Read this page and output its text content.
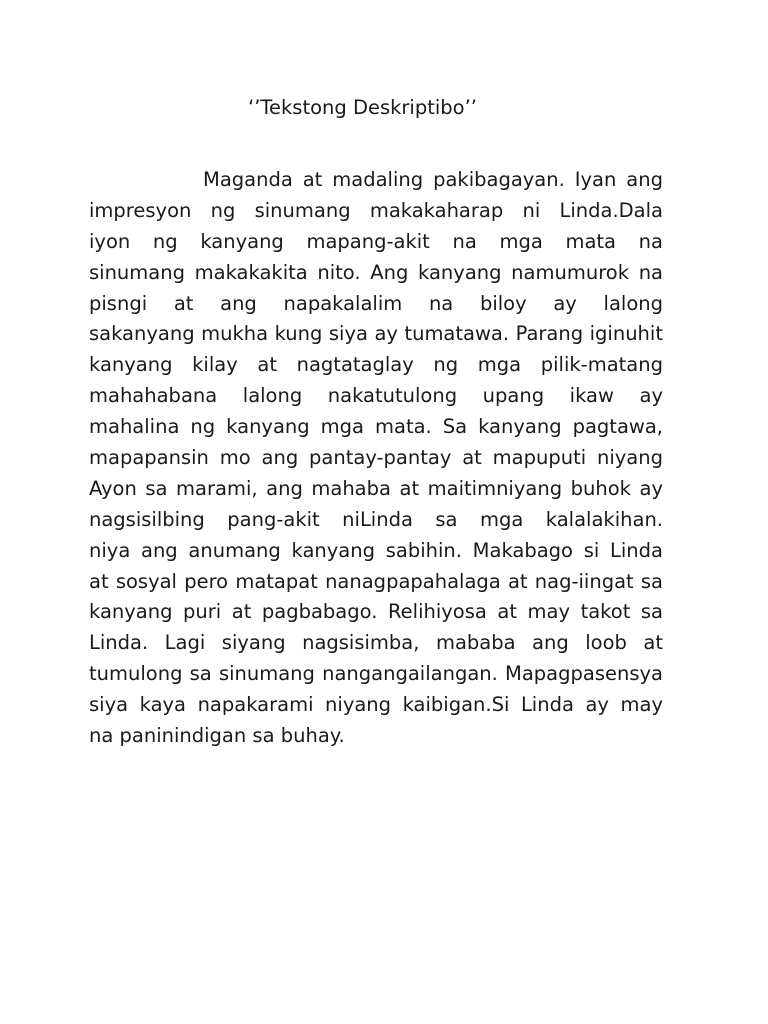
‘’Tekstong Deskriptibo’’
Maganda at madaling pakibagayan. Iyan ang
impresyon ng sinumang makakaharap ni Linda.Dala
iyon ng kanyang mapang-akit na mga mata na
sinumang makakakita nito. Ang kanyang namumurok na
pisngi at ang napakalalim na biloy ay lalong
sakanyang mukha kung siya ay tumatawa. Parang iginuhit
kanyang kilay at nagtataglay ng mga pilik-matang
mahahabana lalong nakatutulong upang ikaw ay
mahalina ng kanyang mga mata. Sa kanyang pagtawa,
mapapansin mo ang pantay-pantay at mapuputi niyang
Ayon sa marami, ang mahaba at maitimniyang buhok ay
nagsisilbing pang-akit niLinda sa mga kalalakihan.
niya ang anumang kanyang sabihin. Makabago si Linda
at sosyal pero matapat nanagpapahalaga at nag-iingat sa
kanyang puri at pagbabago. Relihiyosa at may takot sa
Linda. Lagi siyang nagsisimba, mababa ang loob at
tumulong sa sinumang nangangailangan. Mapagpasensya
siya kaya napakarami niyang kaibigan.Si Linda ay may
na paninindigan sa buhay.
